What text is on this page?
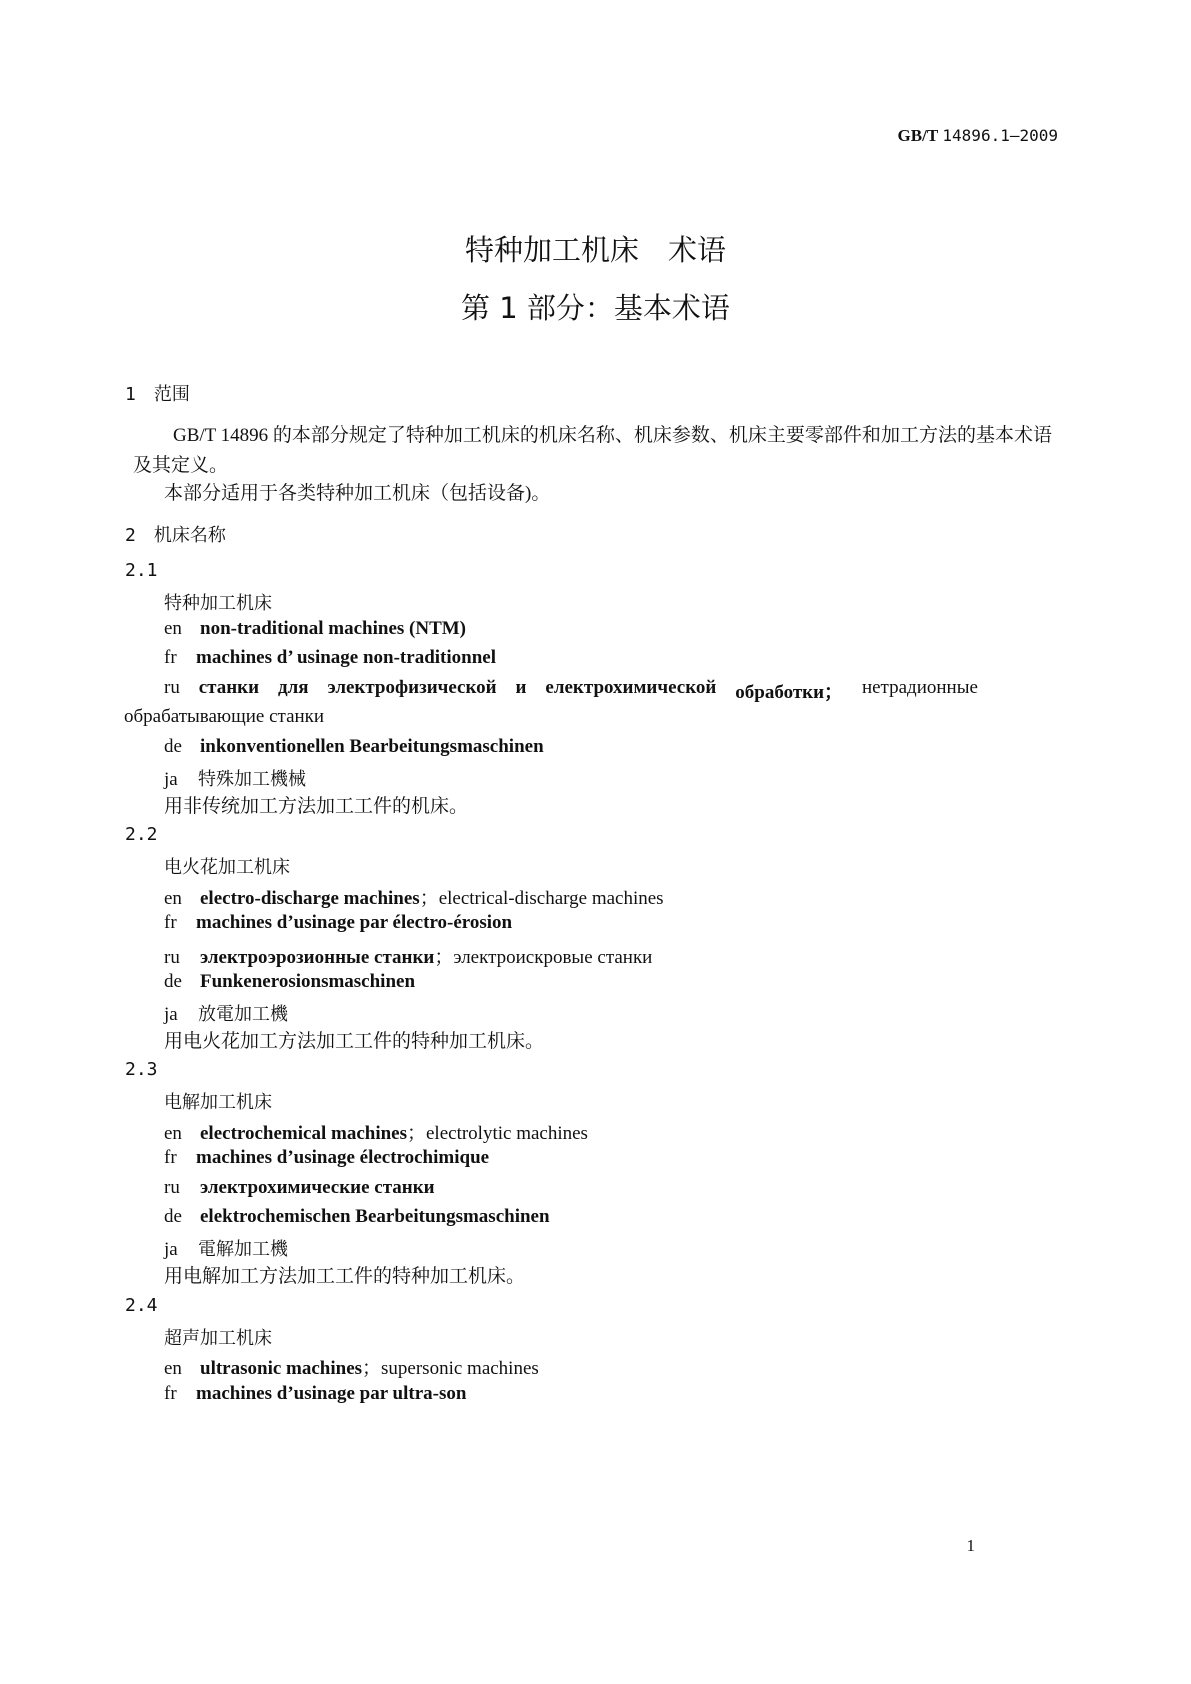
GB/T 14896.1—2009
特种加工机床　术语
第 1 部分：基本术语
1 范围
GB/T 14896 的本部分规定了特种加工机床的机床名称、机床参数、机床主要零部件和加工方法的基本术语及其定义。
本部分适用于各类特种加工机床（包括设备)。
2 机床名称
2.1
特种加工机床
en non-traditional machines (NTM)
fr machines d’ usinage non-traditionnel
ru станки для электрофизической и електрохимической обработки； нетрадионные
обрабатывающие станки
de inkonventionellen Bearbeitungsmaschinen
ja 特殊加工機械
用非传统加工方法加工工件的机床。
2.2
电火花加工机床
en electro-discharge machines；electrical-discharge machines
fr machines d’usinage par électro-érosion
ru электроэрозионные станки；электроискровые станки
de Funkenerosionsmaschinen
ja 放電加工機
用电火花加工方法加工工件的特种加工机床。
2.3
电解加工机床
en electrochemical machines；electrolytic machines
fr machines d’usinage électrochimique
ru электрохимические станки
de elektrochemischen Bearbeitungsmaschinen
ja 電解加工機
用电解加工方法加工工件的特种加工机床。
2.4
超声加工机床
en ultrasonic machines；supersonic machines
fr machines d’usinage par ultra-son
1
